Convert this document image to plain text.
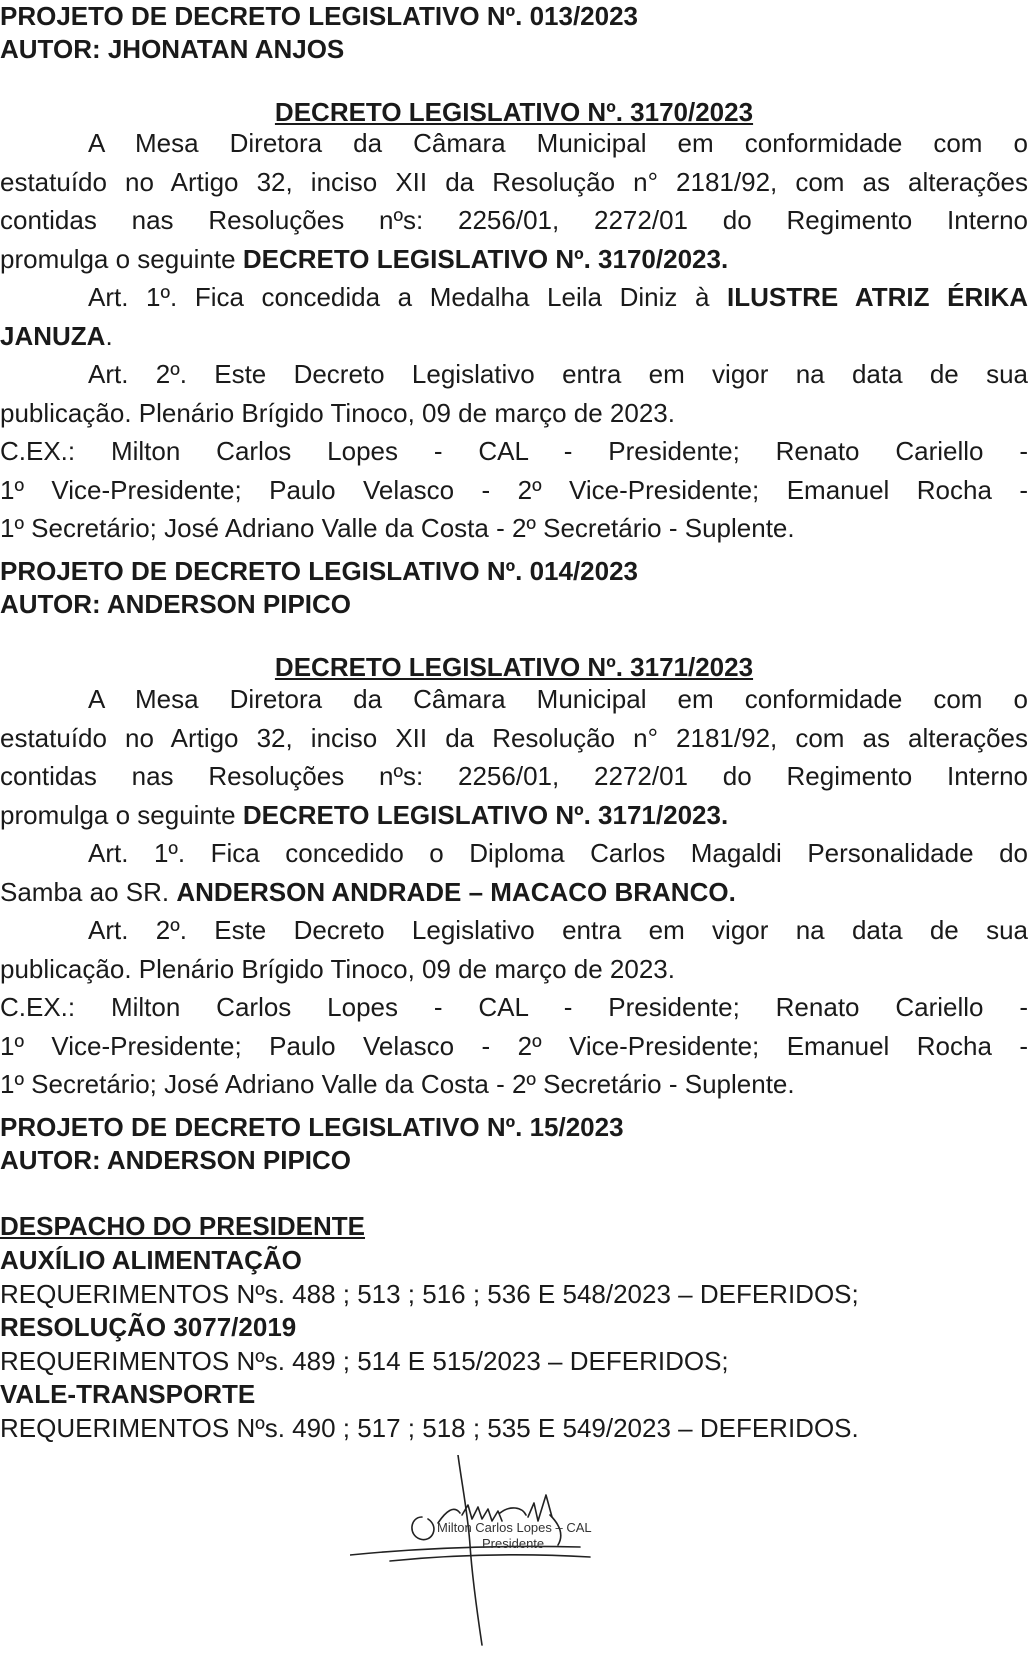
PROJETO DE DECRETO LEGISLATIVO Nº. 013/2023
AUTOR: JHONATAN ANJOS
DECRETO LEGISLATIVO Nº. 3170/2023
A Mesa Diretora da Câmara Municipal em conformidade com o
estatuído no Artigo 32, inciso XII da Resolução n° 2181/92, com as alterações
contidas nas Resoluções nºs: 2256/01, 2272/01 do Regimento Interno
promulga o seguinte DECRETO LEGISLATIVO Nº. 3170/2023.
Art. 1º. Fica concedida a Medalha Leila Diniz à ILUSTRE ATRIZ ÉRIKA
JANUZA.
Art. 2º. Este Decreto Legislativo entra em vigor na data de sua
publicação. Plenário Brígido Tinoco, 09 de março de 2023.
C.EX.: Milton Carlos Lopes - CAL - Presidente; Renato Cariello -
1º Vice-Presidente; Paulo Velasco - 2º Vice-Presidente; Emanuel Rocha -
1º Secretário; José Adriano Valle da Costa - 2º Secretário - Suplente.
PROJETO DE DECRETO LEGISLATIVO Nº. 014/2023
AUTOR: ANDERSON PIPICO
DECRETO LEGISLATIVO Nº. 3171/2023
A Mesa Diretora da Câmara Municipal em conformidade com o
estatuído no Artigo 32, inciso XII da Resolução n° 2181/92, com as alterações
contidas nas Resoluções nºs: 2256/01, 2272/01 do Regimento Interno
promulga o seguinte DECRETO LEGISLATIVO Nº. 3171/2023.
Art. 1º. Fica concedido o Diploma Carlos Magaldi Personalidade do
Samba ao SR. ANDERSON ANDRADE – MACACO BRANCO.
Art. 2º. Este Decreto Legislativo entra em vigor na data de sua
publicação. Plenário Brígido Tinoco, 09 de março de 2023.
C.EX.: Milton Carlos Lopes - CAL - Presidente; Renato Cariello -
1º Vice-Presidente; Paulo Velasco - 2º Vice-Presidente; Emanuel Rocha -
1º Secretário; José Adriano Valle da Costa - 2º Secretário - Suplente.
PROJETO DE DECRETO LEGISLATIVO Nº. 15/2023
AUTOR: ANDERSON PIPICO
DESPACHO DO PRESIDENTE
AUXÍLIO ALIMENTAÇÃO
REQUERIMENTOS Nºs. 488 ; 513 ; 516 ; 536 E 548/2023 – DEFERIDOS;
RESOLUÇÃO 3077/2019
REQUERIMENTOS Nºs. 489 ; 514 E 515/2023 – DEFERIDOS;
VALE-TRANSPORTE
REQUERIMENTOS Nºs. 490 ; 517 ; 518 ; 535 E 549/2023 – DEFERIDOS.
Milton Carlos Lopes – CAL
Presidente
